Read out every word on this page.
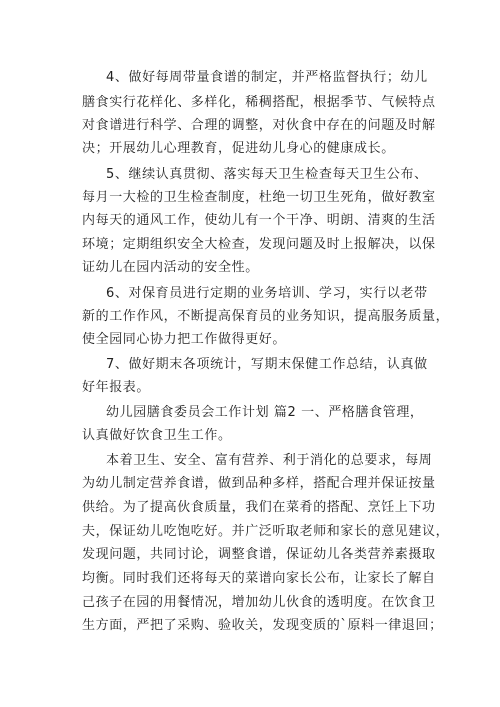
4、做好每周带量食谱的制定，并严格监督执行；幼儿
膳食实行花样化、多样化，稀稠搭配，根据季节、气候特点
对食谱进行科学、合理的调整，对伙食中存在的问题及时解
决；开展幼儿心理教育，促进幼儿身心的健康成长。
5、继续认真贯彻、落实每天卫生检查每天卫生公布、
每月一大检的卫生检查制度，杜绝一切卫生死角，做好教室
内每天的通风工作，使幼儿有一个干净、明朗、清爽的生活
环境；定期组织安全大检查，发现问题及时上报解决，以保
证幼儿在园内活动的安全性。
6、对保育员进行定期的业务培训、学习，实行以老带
新的工作作风，不断提高保育员的业务知识，提高服务质量，
使全园同心协力把工作做得更好。
7、做好期末各项统计，写期末保健工作总结，认真做
好年报表。
幼儿园膳食委员会工作计划 篇2 一、严格膳食管理，
认真做好饮食卫生工作。
本着卫生、安全、富有营养、利于消化的总要求，每周
为幼儿制定营养食谱，做到品种多样，搭配合理并保证按量
供给。为了提高伙食质量，我们在菜肴的搭配、烹饪上下功
夫，保证幼儿吃饱吃好。并广泛听取老师和家长的意见建议，
发现问题，共同讨论，调整食谱，保证幼儿各类营养素摄取
均衡。同时我们还将每天的菜谱向家长公布，让家长了解自
己孩子在园的用餐情况，增加幼儿伙食的透明度。在饮食卫
生方面，严把了采购、验收关，发现变质的`原料一律退回；
